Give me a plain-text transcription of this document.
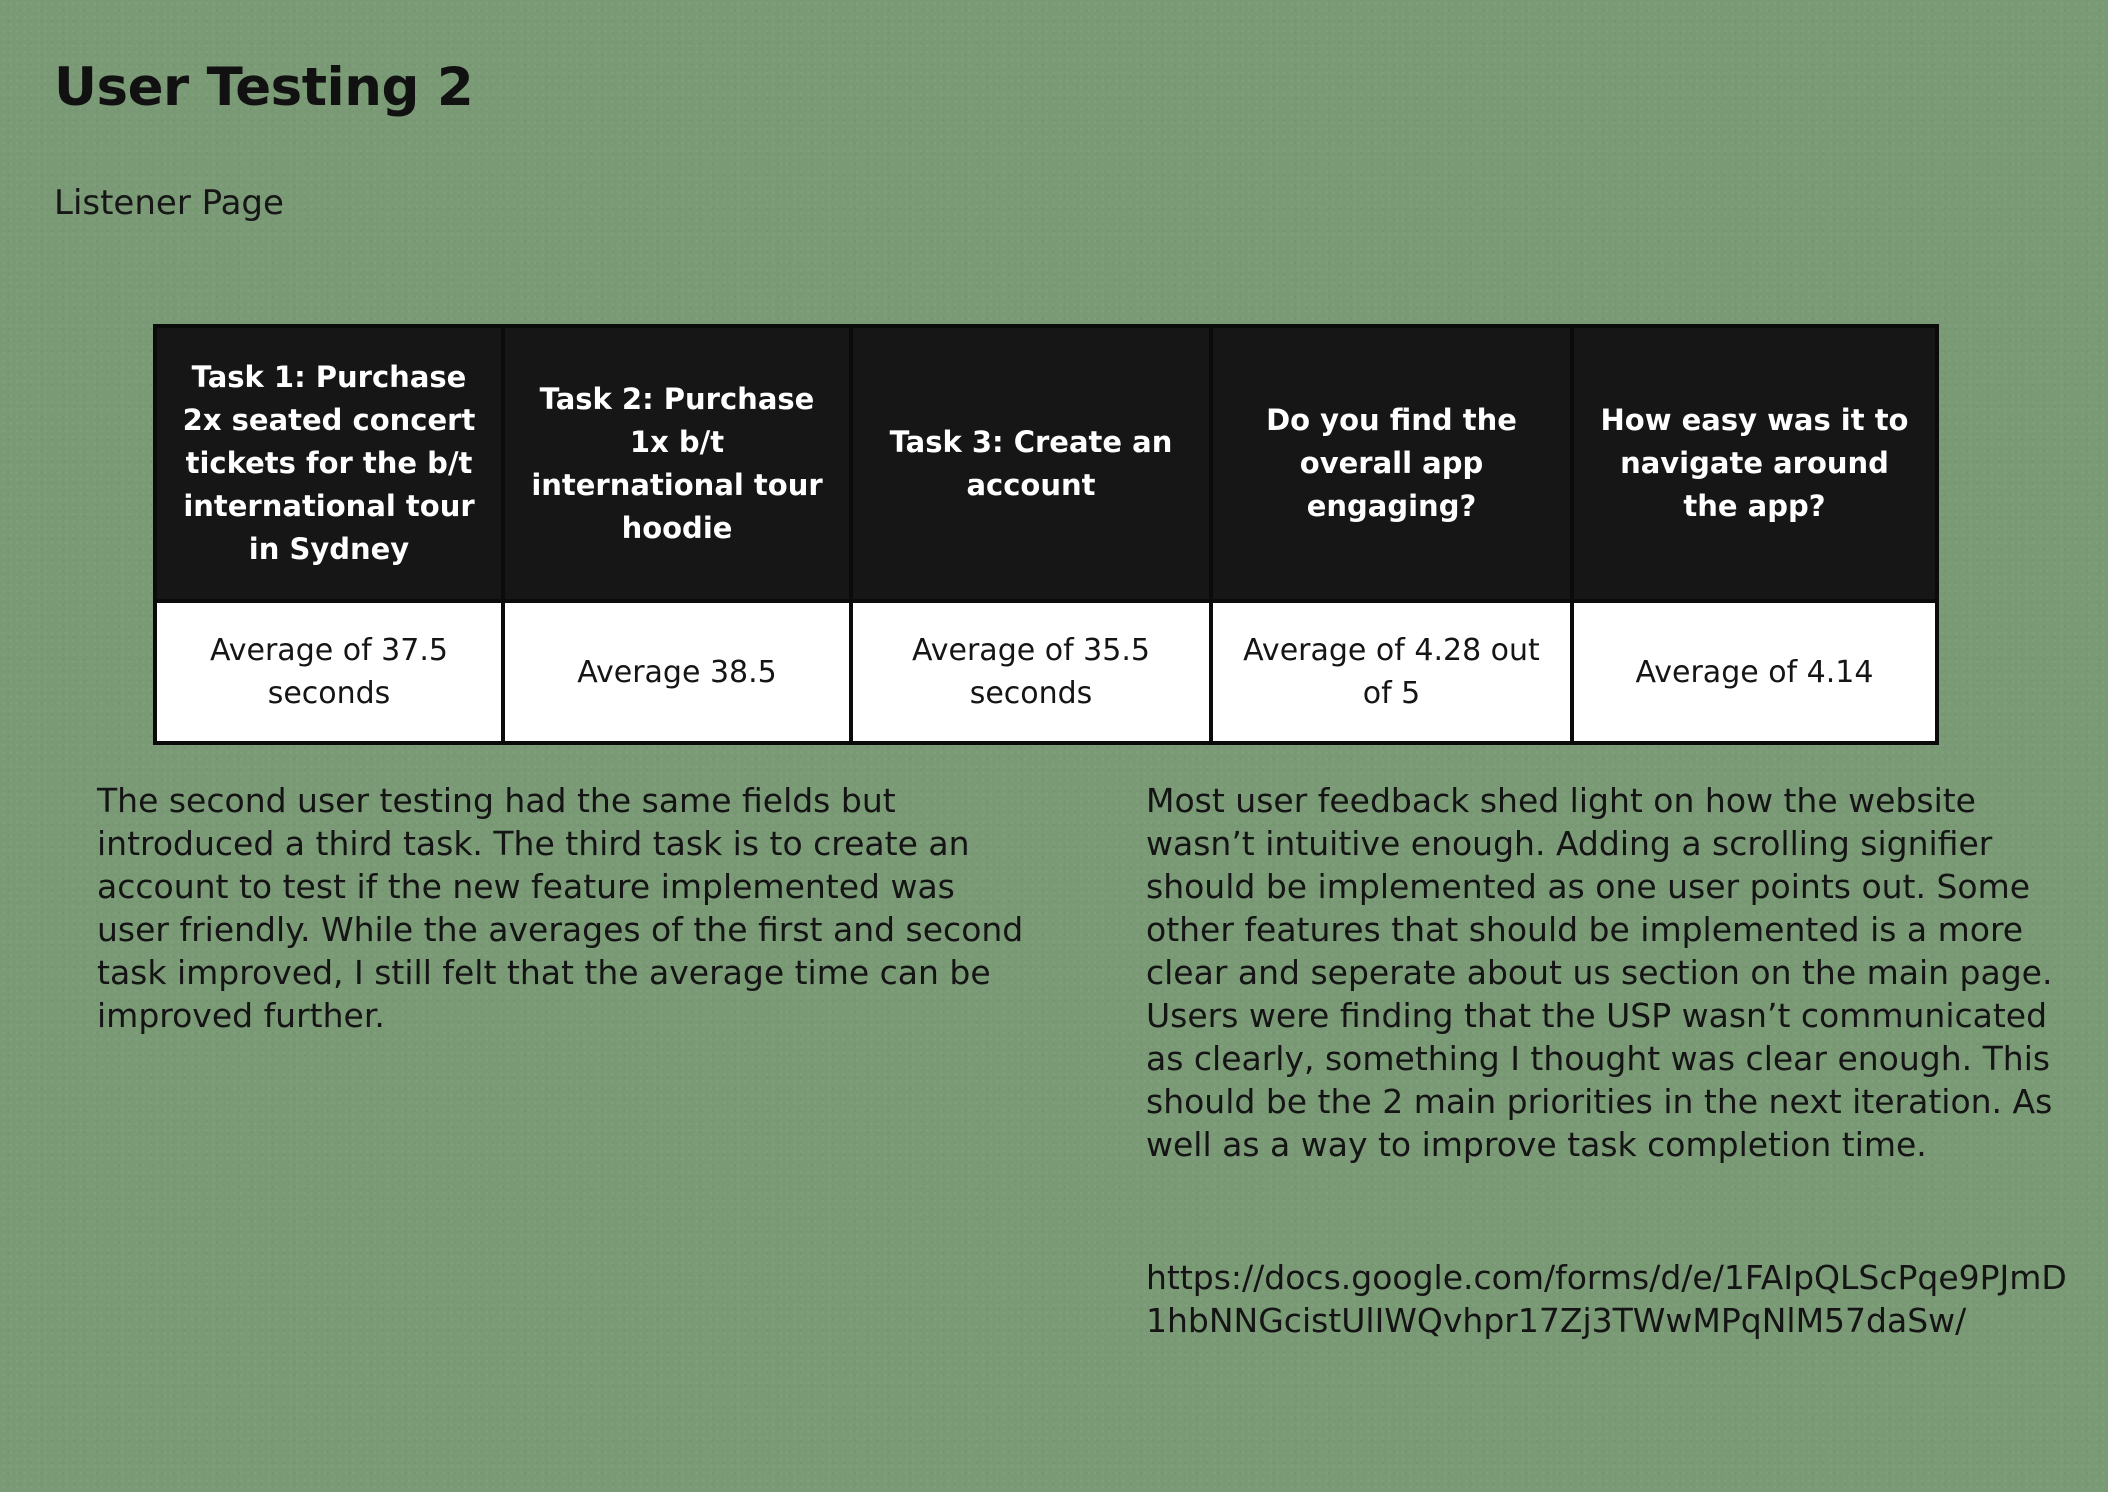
User Testing 2

Listener Page

Task 1: Purchase 2x seated concert tickets for the b/t international tour in Sydney	Task 2: Purchase 1x b/t international tour hoodie	Task 3: Create an account	Do you find the overall app engaging?	How easy was it to navigate around the app?
Average of 37.5 seconds	Average 38.5	Average of 35.5 seconds	Average of 4.28 out of 5	Average of 4.14

The second user testing had the same fields but introduced a third task. The third task is to create an account to test if the new feature implemented was user friendly. While the averages of the first and second task improved, I still felt that the average time can be improved further.

Most user feedback shed light on how the website wasn’t intuitive enough. Adding a scrolling signifier should be implemented as one user points out. Some other features that should be implemented is a more clear and seperate about us section on the main page. Users were finding that the USP wasn’t communicated as clearly, something I thought was clear enough. This should be the 2 main priorities in the next iteration. As well as a way to improve task completion time.

https://docs.google.com/forms/d/e/1FAIpQLScPqe9PJmD1hbNNGcistUlIWQvhpr17Zj3TWwMPqNlM57daSw/
